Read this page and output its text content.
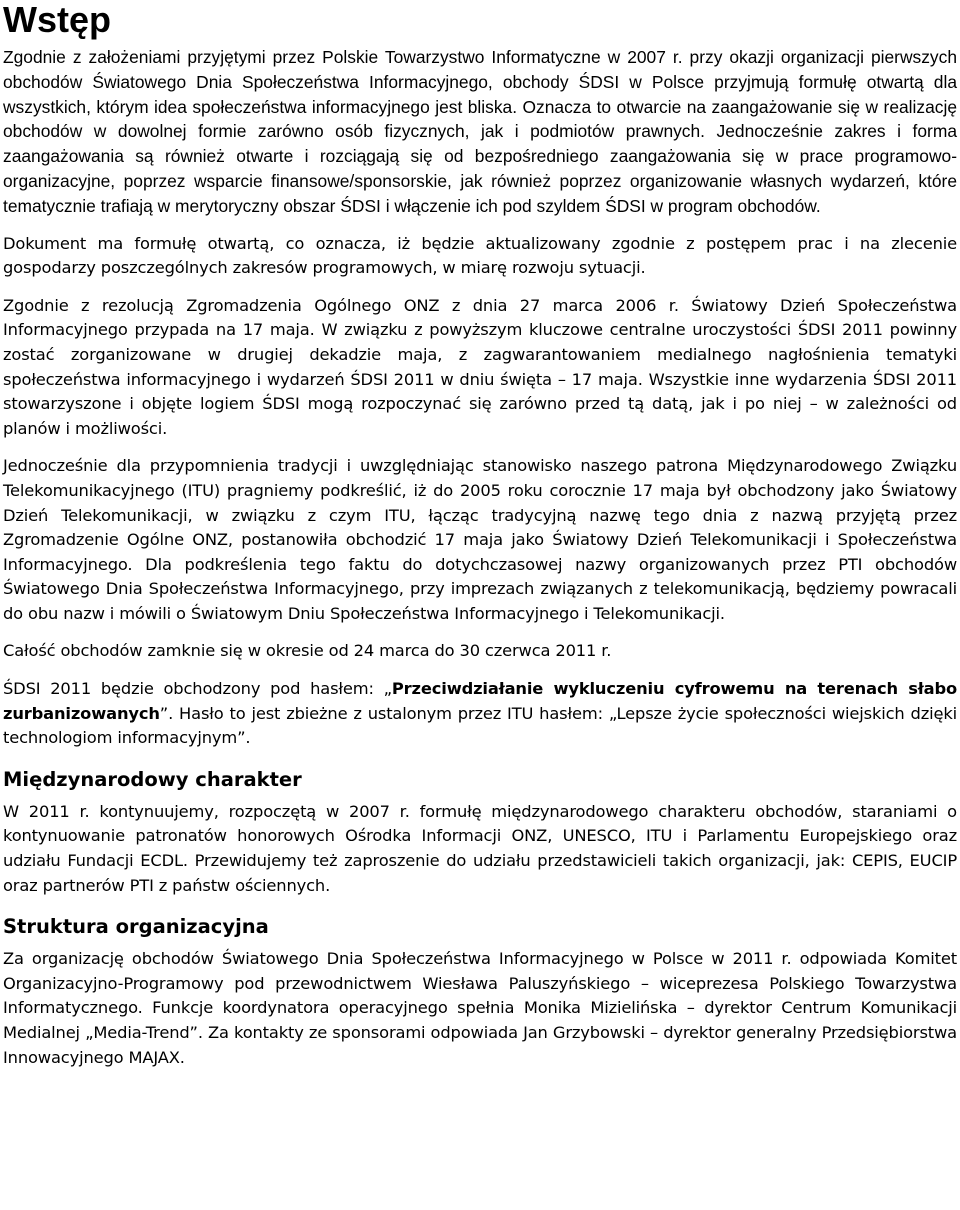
Wstęp

Zgodnie z założeniami przyjętymi przez Polskie Towarzystwo Informatyczne w 2007 r. przy okazji organizacji pierwszych obchodów Światowego Dnia Społeczeństwa Informacyjnego, obchody ŚDSI w Polsce przyjmują formułę otwartą dla wszystkich, którym idea społeczeństwa informacyjnego jest bliska. Oznacza to otwarcie na zaangażowanie się w realizację obchodów w dowolnej formie zarówno osób fizycznych, jak i podmiotów prawnych. Jednocześnie zakres i forma zaangażowania są również otwarte i rozciągają się od bezpośredniego zaangażowania się w prace programowo-organizacyjne, poprzez wsparcie finansowe/sponsorskie, jak również poprzez organizowanie własnych wydarzeń, które tematycznie trafiają w merytoryczny obszar ŚDSI i włączenie ich pod szyldem ŚDSI w program obchodów.

Dokument ma formułę otwartą, co oznacza, iż będzie aktualizowany zgodnie z postępem prac i na zlecenie gospodarzy poszczególnych zakresów programowych, w miarę rozwoju sytuacji.

Zgodnie z rezolucją Zgromadzenia Ogólnego ONZ z dnia 27 marca 2006 r. Światowy Dzień Społeczeństwa Informacyjnego przypada na 17 maja. W związku z powyższym kluczowe centralne uroczystości ŚDSI 2011 powinny zostać zorganizowane w drugiej dekadzie maja, z zagwarantowaniem medialnego nagłośnienia tematyki społeczeństwa informacyjnego i wydarzeń ŚDSI 2011 w dniu święta – 17 maja. Wszystkie inne wydarzenia ŚDSI 2011 stowarzyszone i objęte logiem ŚDSI mogą rozpoczynać się zarówno przed tą datą, jak i po niej – w zależności od planów i możliwości.

Jednocześnie dla przypomnienia tradycji i uwzględniając stanowisko naszego patrona Międzynarodowego Związku Telekomunikacyjnego (ITU) pragniemy podkreślić, iż do 2005 roku corocznie 17 maja był obchodzony jako Światowy Dzień Telekomunikacji, w związku z czym ITU, łącząc tradycyjną nazwę tego dnia z nazwą przyjętą przez Zgromadzenie Ogólne ONZ, postanowiła obchodzić 17 maja jako Światowy Dzień Telekomunikacji i Społeczeństwa Informacyjnego. Dla podkreślenia tego faktu do dotychczasowej nazwy organizowanych przez PTI obchodów Światowego Dnia Społeczeństwa Informacyjnego, przy imprezach związanych z telekomunikacją, będziemy powracali do obu nazw i mówili o Światowym Dniu Społeczeństwa Informacyjnego i Telekomunikacji.

Całość obchodów zamknie się w okresie od 24 marca do 30 czerwca 2011 r.

ŚDSI 2011 będzie obchodzony pod hasłem: „Przeciwdziałanie wykluczeniu cyfrowemu na terenach słabo zurbanizowanych”. Hasło to jest zbieżne z ustalonym przez ITU hasłem: „Lepsze życie społeczności wiejskich dzięki technologiom informacyjnym”.

Międzynarodowy charakter

W 2011 r. kontynuujemy, rozpoczętą w 2007 r. formułę międzynarodowego charakteru obchodów, staraniami o kontynuowanie patronatów honorowych Ośrodka Informacji ONZ, UNESCO, ITU i Parlamentu Europejskiego oraz udziału Fundacji ECDL. Przewidujemy też zaproszenie do udziału przedstawicieli takich organizacji, jak: CEPIS, EUCIP oraz partnerów PTI z państw ościennych.

Struktura organizacyjna

Za organizację obchodów Światowego Dnia Społeczeństwa Informacyjnego w Polsce w 2011 r. odpowiada Komitet Organizacyjno-Programowy pod przewodnictwem Wiesława Paluszyńskiego – wiceprezesa Polskiego Towarzystwa Informatycznego. Funkcje koordynatora operacyjnego spełnia Monika Mizielińska – dyrektor Centrum Komunikacji Medialnej „Media-Trend”. Za kontakty ze sponsorami odpowiada Jan Grzybowski – dyrektor generalny Przedsiębiorstwa Innowacyjnego MAJAX.
